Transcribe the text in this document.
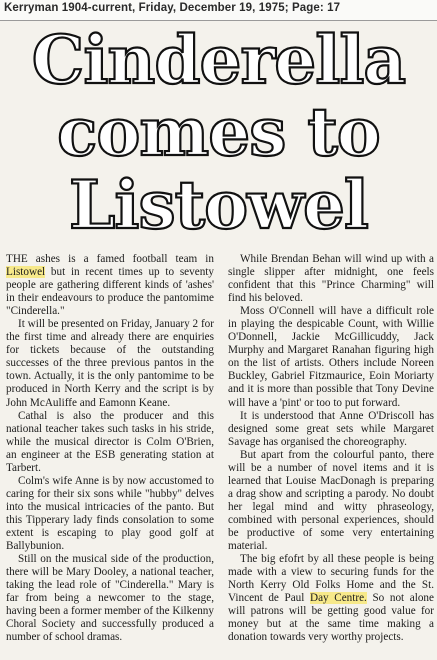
Kerryman 1904-current, Friday, December 19, 1975; Page: 17
Cinderella
comes to
Listowel

THE ashes is a famed football team in Listowel but in recent times up to seventy people are gathering different kinds of 'ashes' in their endeavours to produce the pantomime "Cinderella."

It will be presented on Friday, January 2 for the first time and already there are enquiries for tickets because of the outstanding successes of the three previous pantos in the town. Actually, it is the only pantomime to be produced in North Kerry and the script is by John McAuliffe and Eamonn Keane.

Cathal is also the producer and this national teacher takes such tasks in his stride, while the musical director is Colm O'Brien, an engineer at the ESB generating station at Tarbert.

Colm's wife Anne is by now accustomed to caring for their six sons while "hubby" delves into the musical intricacies of the panto. But this Tipperary lady finds consolation to some extent is escaping to play good golf at Ballybunion.

Still on the musical side of the production, there will be Mary Dooley, a national teacher, taking the lead role of "Cinderella." Mary is far from being a newcomer to the stage, having been a former member of the Kilkenny Choral Society and successfully produced a number of school dramas.

While Brendan Behan will wind up with a single slipper after midnight, one feels confident that this "Prince Charming" will find his beloved.

Moss O'Connell will have a difficult role in playing the despicable Count, with Willie O'Donnell, Jackie McGillicuddy, Jack Murphy and Margaret Ranahan figuring high on the list of artists. Others include Noreen Buckley, Gabriel Fitzmaurice, Eoin Moriarty and it is more than possible that Tony Devine will have a 'pint' or too to put forward.

It is understood that Anne O'Driscoll has designed some great sets while Margaret Savage has organised the choreography.

But apart from the colourful panto, there will be a number of novel items and it is learned that Louise MacDonagh is preparing a drag show and scripting a parody. No doubt her legal mind and witty phraseology, combined with personal experiences, should be productive of some very entertaining material.

The big efofrt by all these people is being made with a view to securing funds for the North Kerry Old Folks Home and the St. Vincent de Paul Day Centre. So not alone will patrons will be getting good value for money but at the same time making a donation towards very worthy projects.
